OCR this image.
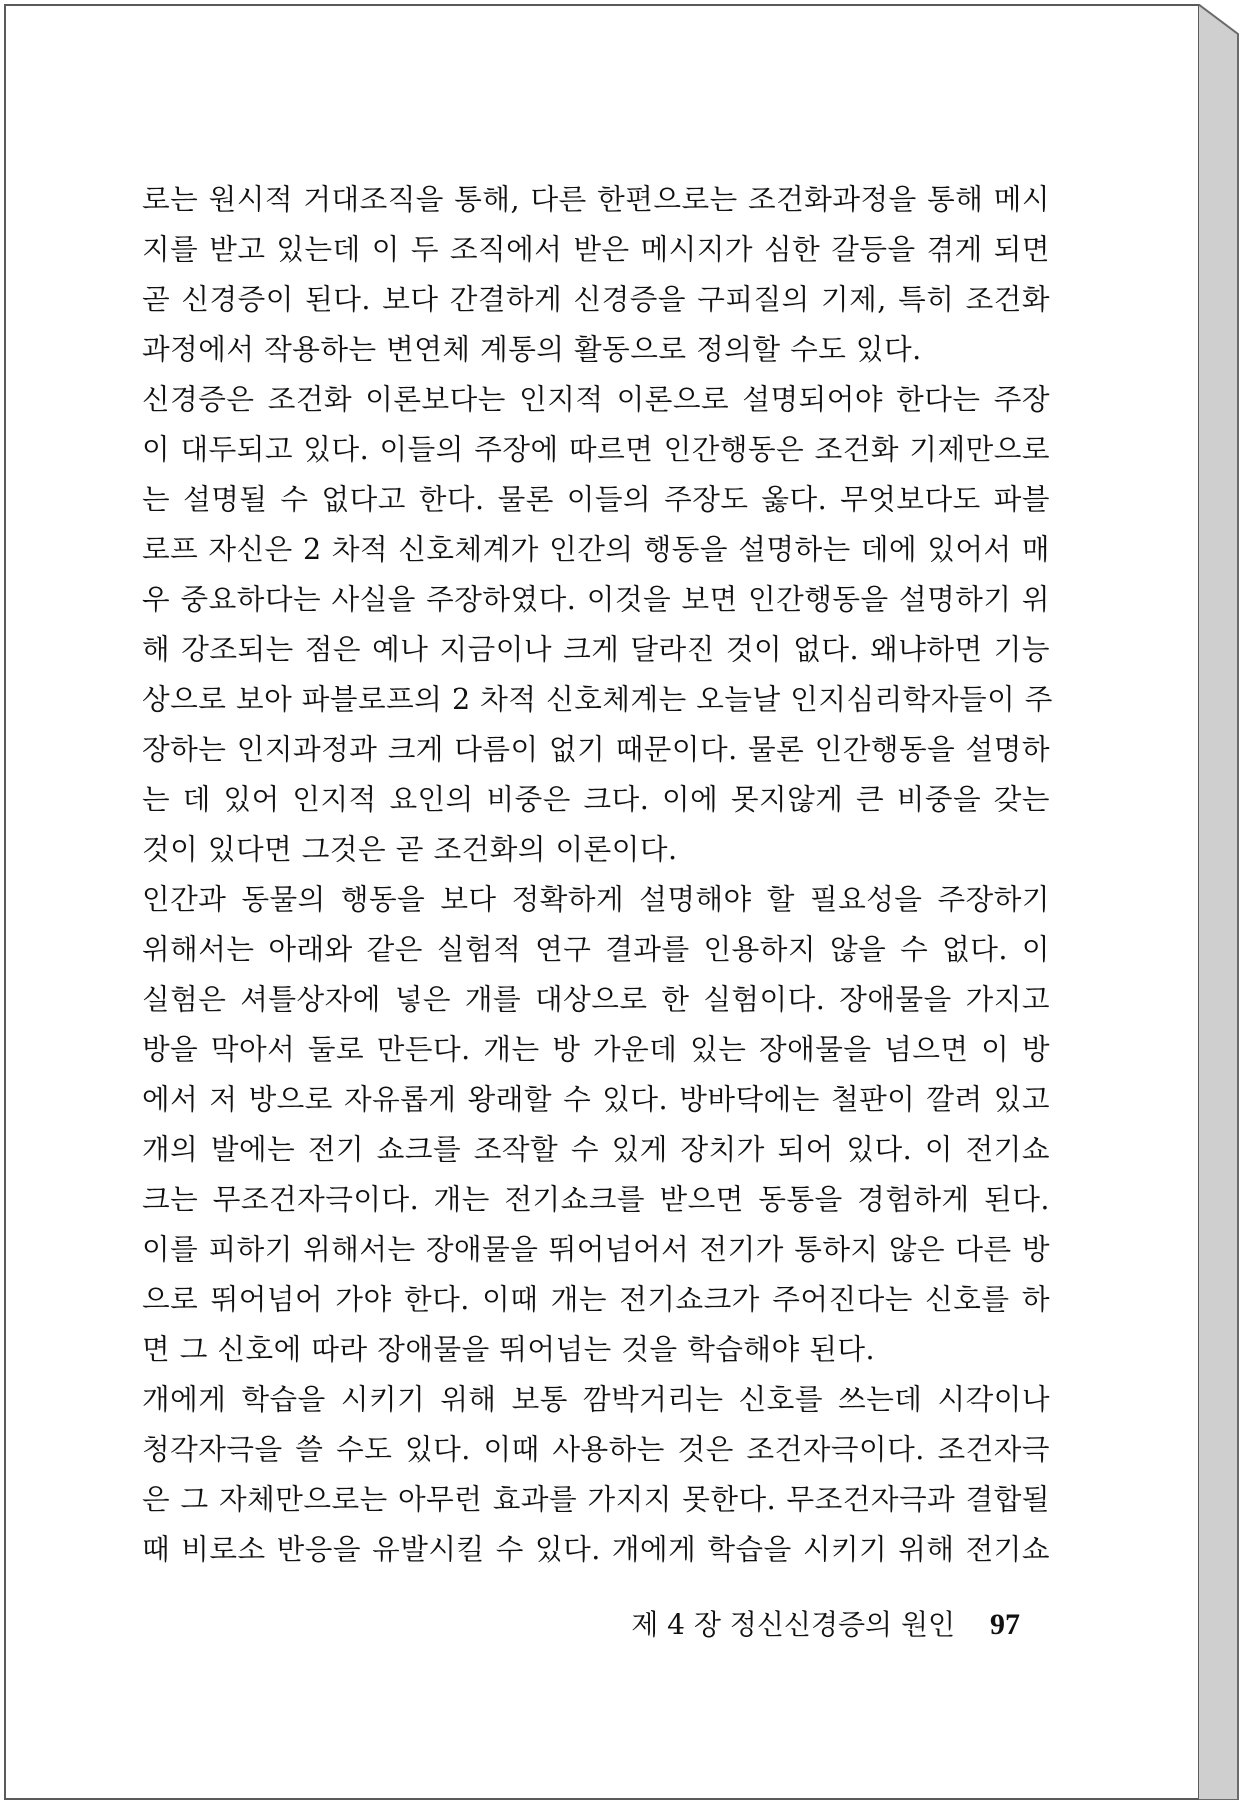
로는 원시적 거대조직을 통해, 다른 한편으로는 조건화과정을 통해 메시
지를 받고 있는데 이 두 조직에서 받은 메시지가 심한 갈등을 겪게 되면
곧 신경증이 된다. 보다 간결하게 신경증을 구피질의 기제, 특히 조건화
과정에서 작용하는 변연체 계통의 활동으로 정의할 수도 있다.
신경증은 조건화 이론보다는 인지적 이론으로 설명되어야 한다는 주장
이 대두되고 있다. 이들의 주장에 따르면 인간행동은 조건화 기제만으로
는 설명될 수 없다고 한다. 물론 이들의 주장도 옳다. 무엇보다도 파블
로프 자신은 2 차적 신호체계가 인간의 행동을 설명하는 데에 있어서 매
우 중요하다는 사실을 주장하였다. 이것을 보면 인간행동을 설명하기 위
해 강조되는 점은 예나 지금이나 크게 달라진 것이 없다. 왜냐하면 기능
상으로 보아 파블로프의 2 차적 신호체계는 오늘날 인지심리학자들이 주
장하는 인지과정과 크게 다름이 없기 때문이다. 물론 인간행동을 설명하
는 데 있어 인지적 요인의 비중은 크다. 이에 못지않게 큰 비중을 갖는
것이 있다면 그것은 곧 조건화의 이론이다.
인간과 동물의 행동을 보다 정확하게 설명해야 할 필요성을 주장하기
위해서는 아래와 같은 실험적 연구 결과를 인용하지 않을 수 없다. 이
실험은 셔틀상자에 넣은 개를 대상으로 한 실험이다. 장애물을 가지고
방을 막아서 둘로 만든다. 개는 방 가운데 있는 장애물을 넘으면 이 방
에서 저 방으로 자유롭게 왕래할 수 있다. 방바닥에는 철판이 깔려 있고
개의 발에는 전기 쇼크를 조작할 수 있게 장치가 되어 있다. 이 전기쇼
크는 무조건자극이다. 개는 전기쇼크를 받으면 동통을 경험하게 된다.
이를 피하기 위해서는 장애물을 뛰어넘어서 전기가 통하지 않은 다른 방
으로 뛰어넘어 가야 한다. 이때 개는 전기쇼크가 주어진다는 신호를 하
면 그 신호에 따라 장애물을 뛰어넘는 것을 학습해야 된다.
개에게 학습을 시키기 위해 보통 깜박거리는 신호를 쓰는데 시각이나
청각자극을 쓸 수도 있다. 이때 사용하는 것은 조건자극이다. 조건자극
은 그 자체만으로는 아무런 효과를 가지지 못한다. 무조건자극과 결합될
때 비로소 반응을 유발시킬 수 있다. 개에게 학습을 시키기 위해 전기쇼
제 4 장 정신신경증의 원인 97
